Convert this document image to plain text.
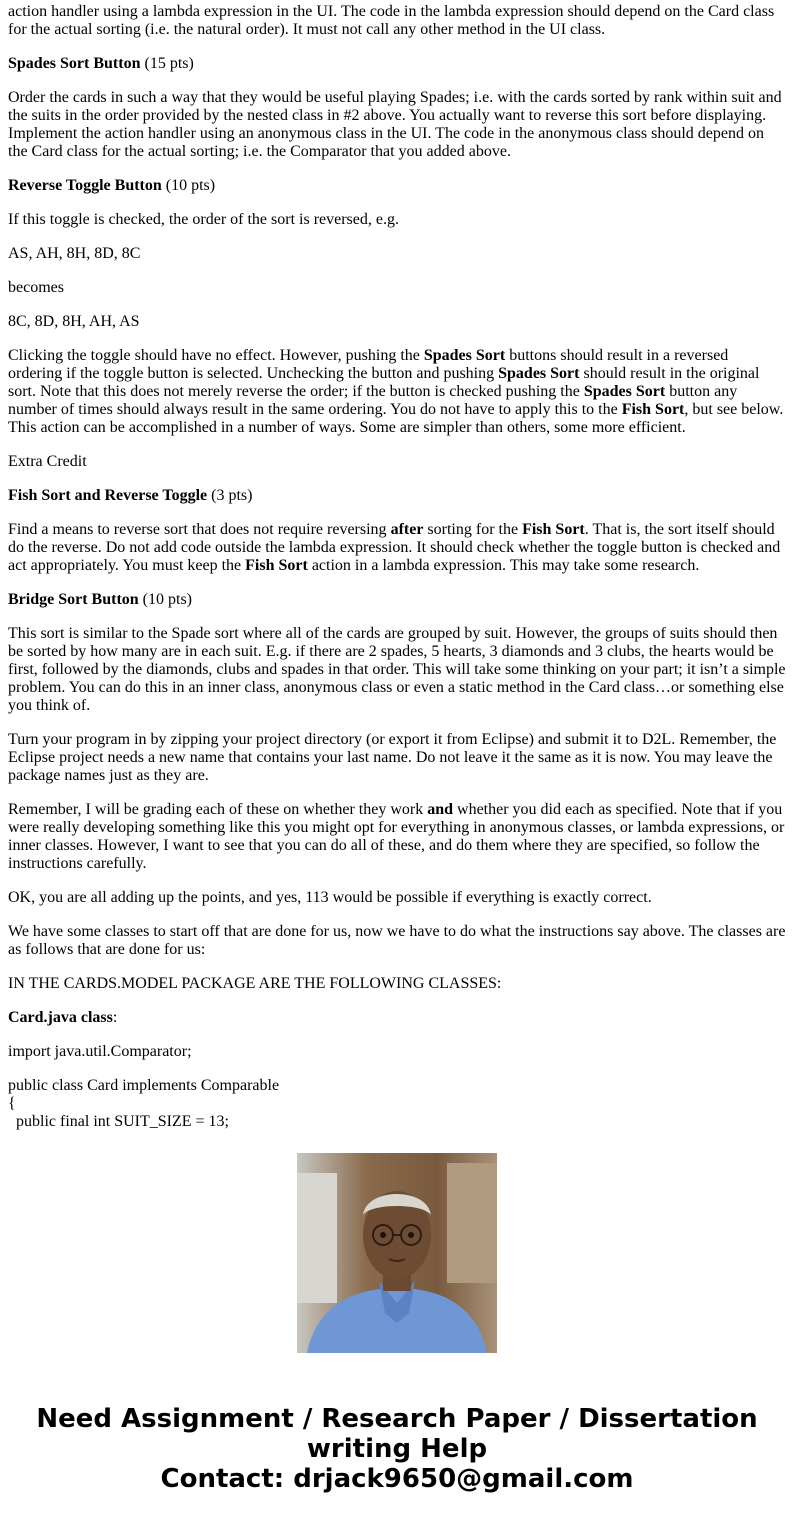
action handler using a lambda expression in the UI. The code in the lambda expression should depend on the Card class for the actual sorting (i.e. the natural order). It must not call any other method in the UI class.

Spades Sort Button (15 pts)

Order the cards in such a way that they would be useful playing Spades; i.e. with the cards sorted by rank within suit and the suits in the order provided by the nested class in #2 above. You actually want to reverse this sort before displaying. Implement the action handler using an anonymous class in the UI. The code in the anonymous class should depend on the Card class for the actual sorting; i.e. the Comparator that you added above.

Reverse Toggle Button (10 pts)

If this toggle is checked, the order of the sort is reversed, e.g.

AS, AH, 8H, 8D, 8C

becomes

8C, 8D, 8H, AH, AS

Clicking the toggle should have no effect. However, pushing the Spades Sort buttons should result in a reversed ordering if the toggle button is selected. Unchecking the button and pushing Spades Sort should result in the original sort. Note that this does not merely reverse the order; if the button is checked pushing the Spades Sort button any number of times should always result in the same ordering. You do not have to apply this to the Fish Sort, but see below. This action can be accomplished in a number of ways. Some are simpler than others, some more efficient.

Extra Credit

Fish Sort and Reverse Toggle (3 pts)

Find a means to reverse sort that does not require reversing after sorting for the Fish Sort. That is, the sort itself should do the reverse. Do not add code outside the lambda expression. It should check whether the toggle button is checked and act appropriately. You must keep the Fish Sort action in a lambda expression. This may take some research.

Bridge Sort Button (10 pts)

This sort is similar to the Spade sort where all of the cards are grouped by suit. However, the groups of suits should then be sorted by how many are in each suit. E.g. if there are 2 spades, 5 hearts, 3 diamonds and 3 clubs, the hearts would be first, followed by the diamonds, clubs and spades in that order. This will take some thinking on your part; it isn’t a simple problem. You can do this in an inner class, anonymous class or even a static method in the Card class…or something else you think of.

Turn your program in by zipping your project directory (or export it from Eclipse) and submit it to D2L. Remember, the Eclipse project needs a new name that contains your last name. Do not leave it the same as it is now. You may leave the package names just as they are.

Remember, I will be grading each of these on whether they work and whether you did each as specified. Note that if you were really developing something like this you might opt for everything in anonymous classes, or lambda expressions, or inner classes. However, I want to see that you can do all of these, and do them where they are specified, so follow the instructions carefully.

OK, you are all adding up the points, and yes, 113 would be possible if everything is exactly correct.

We have some classes to start off that are done for us, now we have to do what the instructions say above. The classes are as follows that are done for us:

IN THE CARDS.MODEL PACKAGE ARE THE FOLLOWING CLASSES:

Card.java class:

import java.util.Comparator;

public class Card implements Comparable

{

public final int SUIT_SIZE = 13;

Need Assignment / Research Paper / Dissertation
writing Help
Contact: drjack9650@gmail.com
